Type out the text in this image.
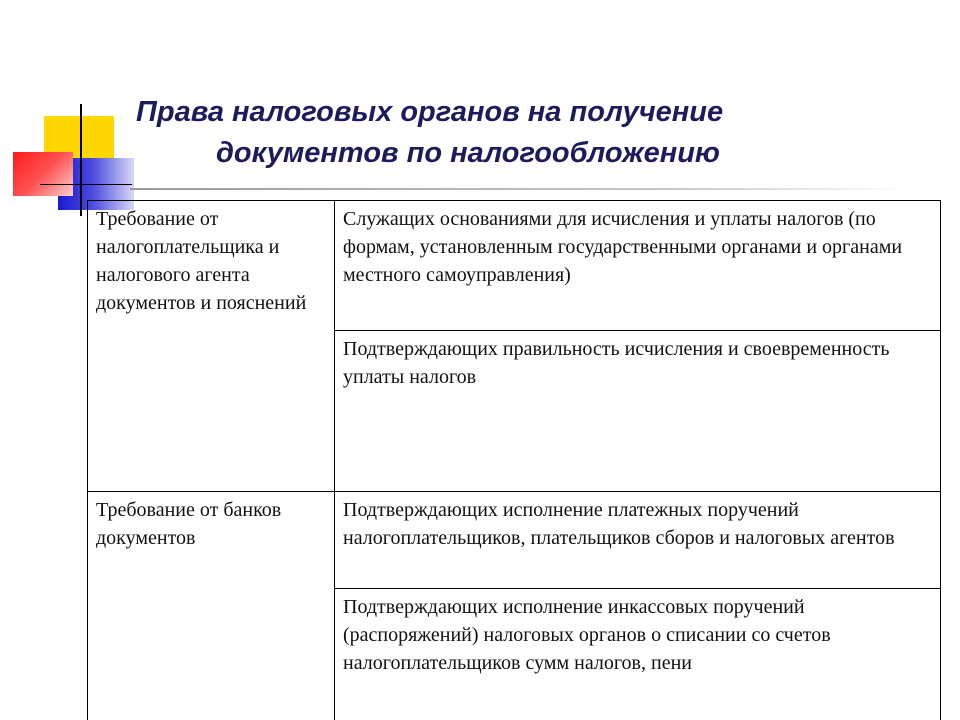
Права налоговых органов на получение
документов по налогообложению
Требование от налогоплательщика и налогового агента документов и пояснений	Служащих основаниями для исчисления и уплаты налогов (по формам, установленным государственными органами и органами местного самоуправления)
	Подтверждающих правильность исчисления и своевременность уплаты налогов
Требование от банков документов	Подтверждающих исполнение платежных поручений налогоплательщиков, плательщиков сборов и налоговых агентов
	Подтверждающих исполнение инкассовых поручений (распоряжений) налоговых органов о списании со счетов налогоплательщиков сумм налогов, пени
